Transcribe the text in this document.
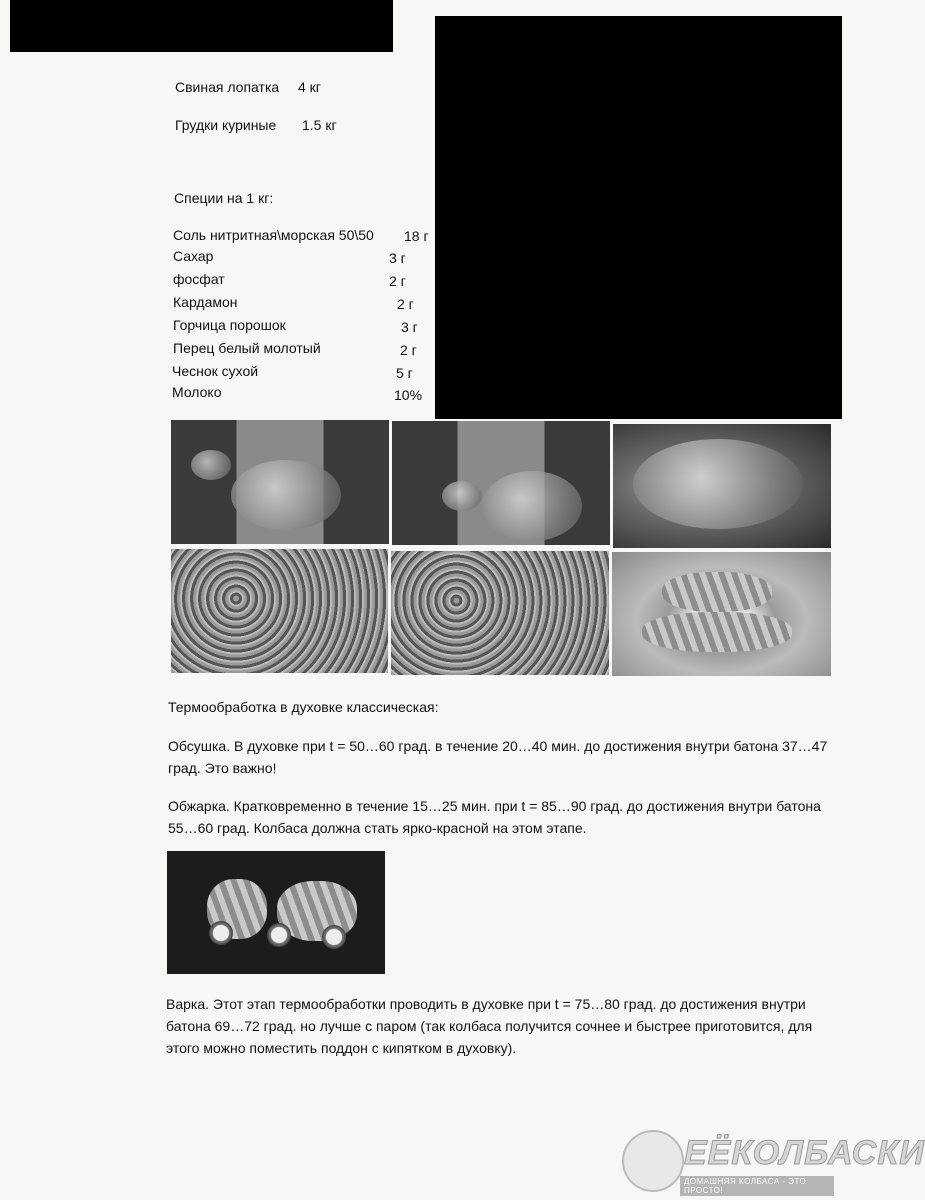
Свиная лопатка 4 кг
Грудки куриные 1.5 кг
Специи на 1 кг:
Соль нитритная\морская 50\50 18 г
Сахар	3 г
фосфат	2 г
Кардамон	2 г
Горчица порошок	3 г
Перец белый молотый	2 г
Чеснок сухой	5 г
Молоко	10%
Термообработка в духовке классическая:
Обсушка. В духовке при t = 50…60 град. в течение 20…40 мин. до достижения внутри батона 37…47 град. Это важно!
Обжарка. Кратковременно в течение 15…25 мин. при t = 85…90 град. до достижения внутри батона 55…60 град. Колбаса должна стать ярко-красной на этом этапе.
Варка. Этот этап термообработки проводить в духовке при t = 75…80 град. до достижения внутри батона 69…72 град. но лучше с паром (так колбаса получится сочнее и быстрее приготовится, для этого можно поместить поддон с кипятком в духовку).
ЕЁКОЛБАСКИ
ДОМАШНЯЯ КОЛБАСА - ЭТО ПРОСТО!
